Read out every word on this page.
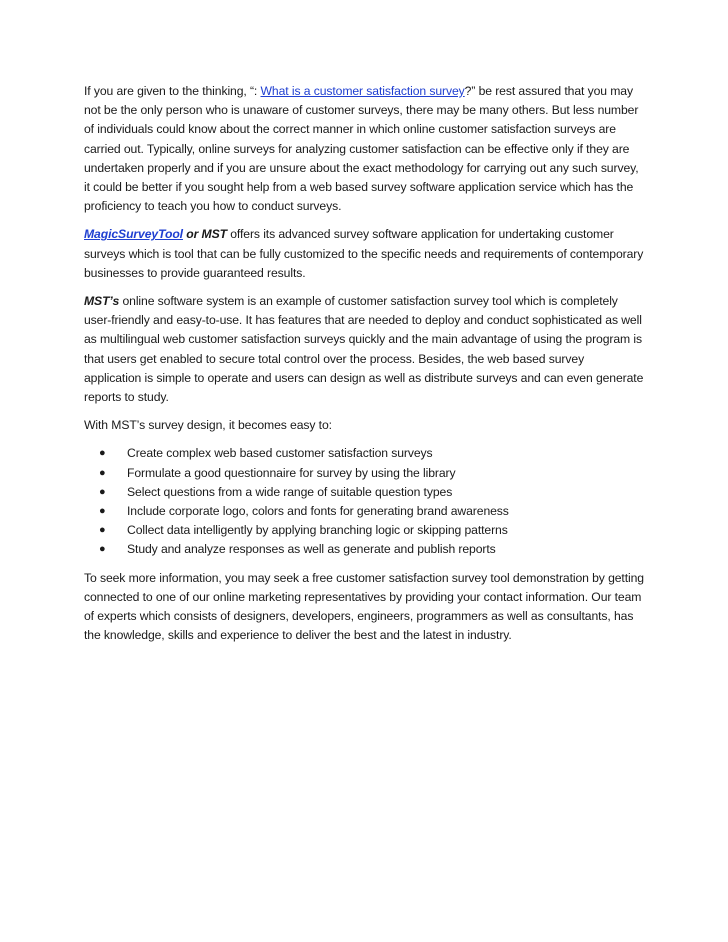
If you are given to the thinking, “: What is a customer satisfaction survey?” be rest assured that you may not be the only person who is unaware of customer surveys, there may be many others. But less number of individuals could know about the correct manner in which online customer satisfaction surveys are carried out. Typically, online surveys for analyzing customer satisfaction can be effective only if they are undertaken properly and if you are unsure about the exact methodology for carrying out any such survey, it could be better if you sought help from a web based survey software application service which has the proficiency to teach you how to conduct surveys.

MagicSurveyTool or MST offers its advanced survey software application for undertaking customer surveys which is tool that can be fully customized to the specific needs and requirements of contemporary businesses to provide guaranteed results.

MST’s online software system is an example of customer satisfaction survey tool which is completely user-friendly and easy-to-use. It has features that are needed to deploy and conduct sophisticated as well as multilingual web customer satisfaction surveys quickly and the main advantage of using the program is that users get enabled to secure total control over the process. Besides, the web based survey application is simple to operate and users can design as well as distribute surveys and can even generate reports to study.

With MST’s survey design, it becomes easy to:

● Create complex web based customer satisfaction surveys
● Formulate a good questionnaire for survey by using the library
● Select questions from a wide range of suitable question types
● Include corporate logo, colors and fonts for generating brand awareness
● Collect data intelligently by applying branching logic or skipping patterns
● Study and analyze responses as well as generate and publish reports

To seek more information, you may seek a free customer satisfaction survey tool demonstration by getting connected to one of our online marketing representatives by providing your contact information. Our team of experts which consists of designers, developers, engineers, programmers as well as consultants, has the knowledge, skills and experience to deliver the best and the latest in industry.
